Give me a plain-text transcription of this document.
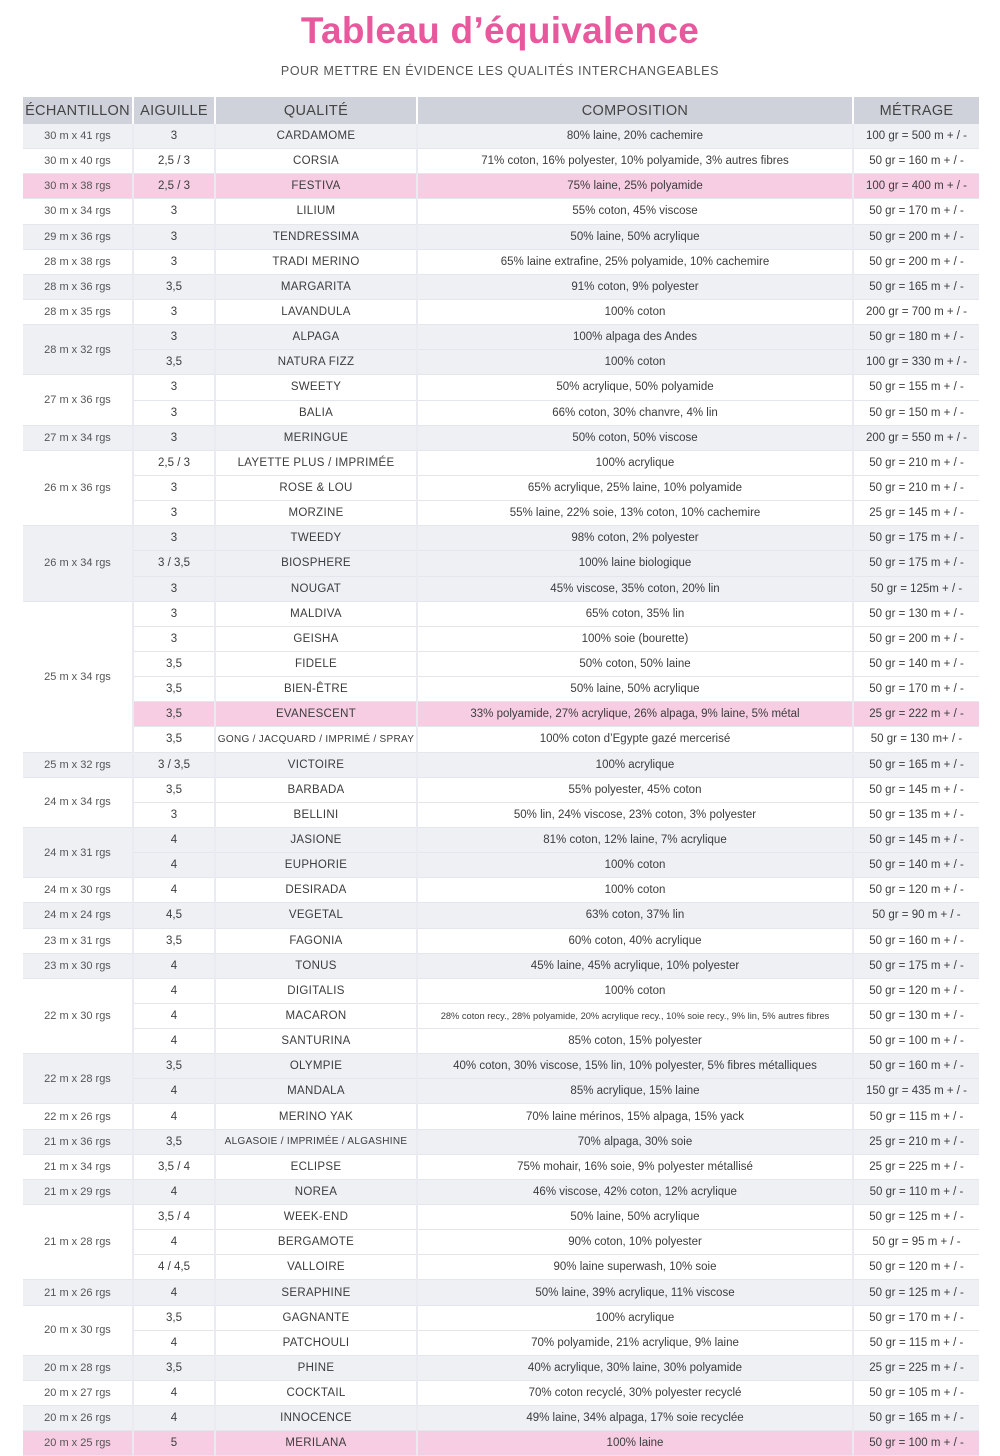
Tableau d’équivalence
POUR METTRE EN ÉVIDENCE LES QUALITÉS INTERCHANGEABLES
ÉCHANTILLON	AIGUILLE	QUALITÉ	COMPOSITION	MÉTRAGE
30 m x 41 rgs	3	CARDAMOME	80% laine, 20% cachemire	100 gr = 500 m + / -
30 m x 40 rgs	2,5 / 3	CORSIA	71% coton, 16% polyester, 10% polyamide, 3% autres fibres	50 gr = 160 m + / -
30 m x 38 rgs	2,5 / 3	FESTIVA	75% laine, 25% polyamide	100 gr = 400 m + / -
30 m x 34 rgs	3	LILIUM	55% coton, 45% viscose	50 gr = 170 m + / -
29 m x 36 rgs	3	TENDRESSIMA	50% laine, 50% acrylique	50 gr = 200 m + / -
28 m x 38 rgs	3	TRADI MERINO	65% laine extrafine, 25% polyamide, 10% cachemire	50 gr = 200 m + / -
28 m x 36 rgs	3,5	MARGARITA	91% coton, 9% polyester	50 gr = 165 m + / -
28 m x 35 rgs	3	LAVANDULA	100% coton	200 gr = 700 m + / -
28 m x 32 rgs	3	ALPAGA	100% alpaga des Andes	50 gr = 180 m + / -
	3,5	NATURA FIZZ	100% coton	100 gr = 330 m + / -
27 m x 36 rgs	3	SWEETY	50% acrylique, 50% polyamide	50 gr = 155 m + / -
	3	BALIA	66% coton, 30% chanvre, 4% lin	50 gr = 150 m + / -
27 m x 34 rgs	3	MERINGUE	50% coton, 50% viscose	200 gr = 550 m + / -
26 m x 36 rgs	2,5 / 3	LAYETTE PLUS / IMPRIMÉE	100% acrylique	50 gr = 210 m + / -
	3	ROSE & LOU	65% acrylique, 25% laine, 10% polyamide	50 gr = 210 m + / -
	3	MORZINE	55% laine, 22% soie, 13% coton, 10% cachemire	25 gr = 145 m + / -
26 m x 34 rgs	3	TWEEDY	98% coton, 2% polyester	50 gr = 175 m + / -
	3 / 3,5	BIOSPHERE	100% laine biologique	50 gr = 175 m + / -
	3	NOUGAT	45% viscose, 35% coton, 20% lin	50 gr = 125m + / -
25 m x 34 rgs	3	MALDIVA	65% coton, 35% lin	50 gr = 130 m + / -
	3	GEISHA	100% soie (bourette)	50 gr = 200 m + / -
	3,5	FIDELE	50% coton, 50% laine	50 gr = 140 m + / -
	3,5	BIEN-ÊTRE	50% laine, 50% acrylique	50 gr = 170 m + / -
	3,5	EVANESCENT	33% polyamide, 27% acrylique, 26% alpaga, 9% laine, 5% métal	25 gr = 222 m + / -
	3,5	GONG / JACQUARD / IMPRIMÉ / SPRAY	100% coton d’Egypte gazé mercerisé	50 gr = 130 m+ / -
25 m x 32 rgs	3 / 3,5	VICTOIRE	100% acrylique	50 gr = 165 m + / -
24 m x 34 rgs	3,5	BARBADA	55% polyester, 45% coton	50 gr = 145 m + / -
	3	BELLINI	50% lin, 24% viscose, 23% coton, 3% polyester	50 gr = 135 m + / -
24 m x 31 rgs	4	JASIONE	81% coton, 12% laine, 7% acrylique	50 gr = 145 m + / -
	4	EUPHORIE	100% coton	50 gr = 140 m + / -
24 m x 30 rgs	4	DESIRADA	100% coton	50 gr = 120 m + / -
24 m x 24 rgs	4,5	VEGETAL	63% coton, 37% lin	50 gr = 90 m + / -
23 m x 31 rgs	3,5	FAGONIA	60% coton, 40% acrylique	50 gr = 160 m + / -
23 m x 30 rgs	4	TONUS	45% laine, 45% acrylique, 10% polyester	50 gr = 175 m + / -
22 m x 30 rgs	4	DIGITALIS	100% coton	50 gr = 120 m + / -
	4	MACARON	28% coton recy., 28% polyamide, 20% acrylique recy., 10% soie recy., 9% lin, 5% autres fibres	50 gr = 130 m + / -
	4	SANTURINA	85% coton, 15% polyester	50 gr = 100 m + / -
22 m x 28 rgs	3,5	OLYMPIE	40% coton, 30% viscose, 15% lin, 10% polyester, 5% fibres métalliques	50 gr = 160 m + / -
	4	MANDALA	85% acrylique, 15% laine	150 gr = 435 m + / -
22 m x 26 rgs	4	MERINO YAK	70% laine mérinos, 15% alpaga, 15% yack	50 gr = 115 m + / -
21 m x 36 rgs	3,5	ALGASOIE / IMPRIMÉE / ALGASHINE	70% alpaga, 30% soie	25 gr = 210 m + / -
21 m x 34 rgs	3,5 / 4	ECLIPSE	75% mohair, 16% soie, 9% polyester métallisé	25 gr = 225 m + / -
21 m x 29 rgs	4	NOREA	46% viscose, 42% coton, 12% acrylique	50 gr = 110 m + / -
21 m x 28 rgs	3,5 / 4	WEEK-END	50% laine, 50% acrylique	50 gr = 125 m + / -
	4	BERGAMOTE	90% coton, 10% polyester	50 gr = 95 m + / -
	4 / 4,5	VALLOIRE	90% laine superwash, 10% soie	50 gr = 120 m + / -
21 m x 26 rgs	4	SERAPHINE	50% laine, 39% acrylique, 11% viscose	50 gr = 125 m + / -
20 m x 30 rgs	3,5	GAGNANTE	100% acrylique	50 gr = 170 m + / -
	4	PATCHOULI	70% polyamide, 21% acrylique, 9% laine	50 gr = 115 m + / -
20 m x 28 rgs	3,5	PHINE	40% acrylique, 30% laine, 30% polyamide	25 gr = 225 m + / -
20 m x 27 rgs	4	COCKTAIL	70% coton recyclé, 30% polyester recyclé	50 gr = 105 m + / -
20 m x 26 rgs	4	INNOCENCE	49% laine, 34% alpaga, 17% soie recyclée	50 gr = 165 m + / -
20 m x 25 rgs	5	MERILANA	100% laine	50 gr = 100 m + / -
